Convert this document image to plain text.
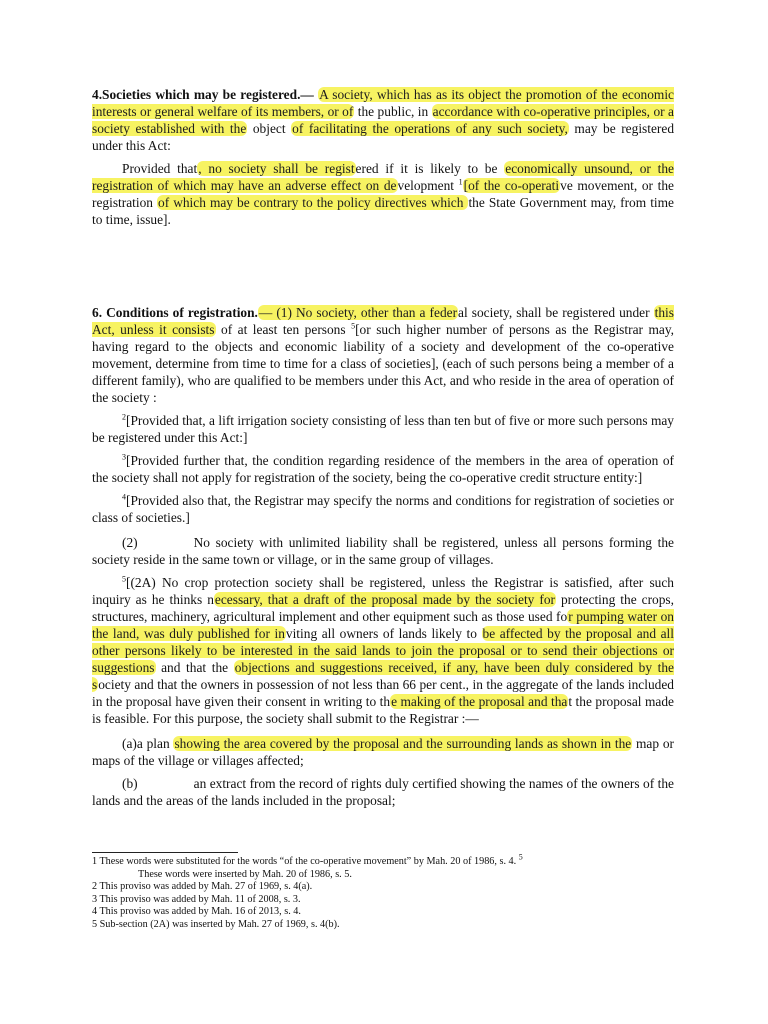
4.Societies which may be registered.— A society, which has as its object the promotion of the economic interests or general welfare of its members, or of the public, in accordance with co-operative principles, or a society established with the object of facilitating the operations of any such society, may be registered under this Act:

Provided that, no society shall be registered if it is likely to be economically unsound, or the registration of which may have an adverse effect on development $^1$[of the co-operative movement, or the registration of which may be contrary to the policy directives which the State Government may, from time to time, issue].

6. Conditions of registration.— (1) No society, other than a federal society, shall be registered under this Act, unless it consists of at least ten persons $^5$[or such higher number of persons as the Registrar may, having regard to the objects and economic liability of a society and development of the co-operative movement, determine from time to time for a class of societies], (each of such persons being a member of a different family), who are qualified to be members under this Act, and who reside in the area of operation of the society :

$^2$[Provided that, a lift irrigation society consisting of less than ten but of five or more such persons may be registered under this Act:]

$^3$[Provided further that, the condition regarding residence of the members in the area of operation of the society shall not apply for registration of the society, being the co-operative credit structure entity:]

$^4$[Provided also that, the Registrar may specify the norms and conditions for registration of societies or class of societies.]

(2)	No society with unlimited liability shall be registered, unless all persons forming the society reside in the same town or village, or in the same group of villages.

$^5$[(2A) No crop protection society shall be registered, unless the Registrar is satisfied, after such inquiry as he thinks necessary, that a draft of the proposal made by the society for protecting the crops, structures, machinery, agricultural implement and other equipment such as those used for pumping water on the land, was duly published for inviting all owners of lands likely to be affected by the proposal and all other persons likely to be interested in the said lands to join the proposal or to send their objections or suggestions and that the objections and suggestions received, if any, have been duly considered by the society and that the owners in possession of not less than 66 per cent., in the aggregate of the lands included in the proposal have given their consent in writing to the making of the proposal and that the proposal made is feasible. For this purpose, the society shall submit to the Registrar :—

(a)a plan showing the area covered by the proposal and the surrounding lands as shown in the map or maps of the village or villages affected;

(b)	an extract from the record of rights duly certified showing the names of the owners of the lands and the areas of the lands included in the proposal;

1 These words were substituted for the words “of the co-operative movement” by Mah. 20 of 1986, s. 4. $^5$
These words were inserted by Mah. 20 of 1986, s. 5.
2 This proviso was added by Mah. 27 of 1969, s. 4(a).
3 This proviso was added by Mah. 11 of 2008, s. 3.
4 This proviso was added by Mah. 16 of 2013, s. 4.
5 Sub-section (2A) was inserted by Mah. 27 of 1969, s. 4(b).
